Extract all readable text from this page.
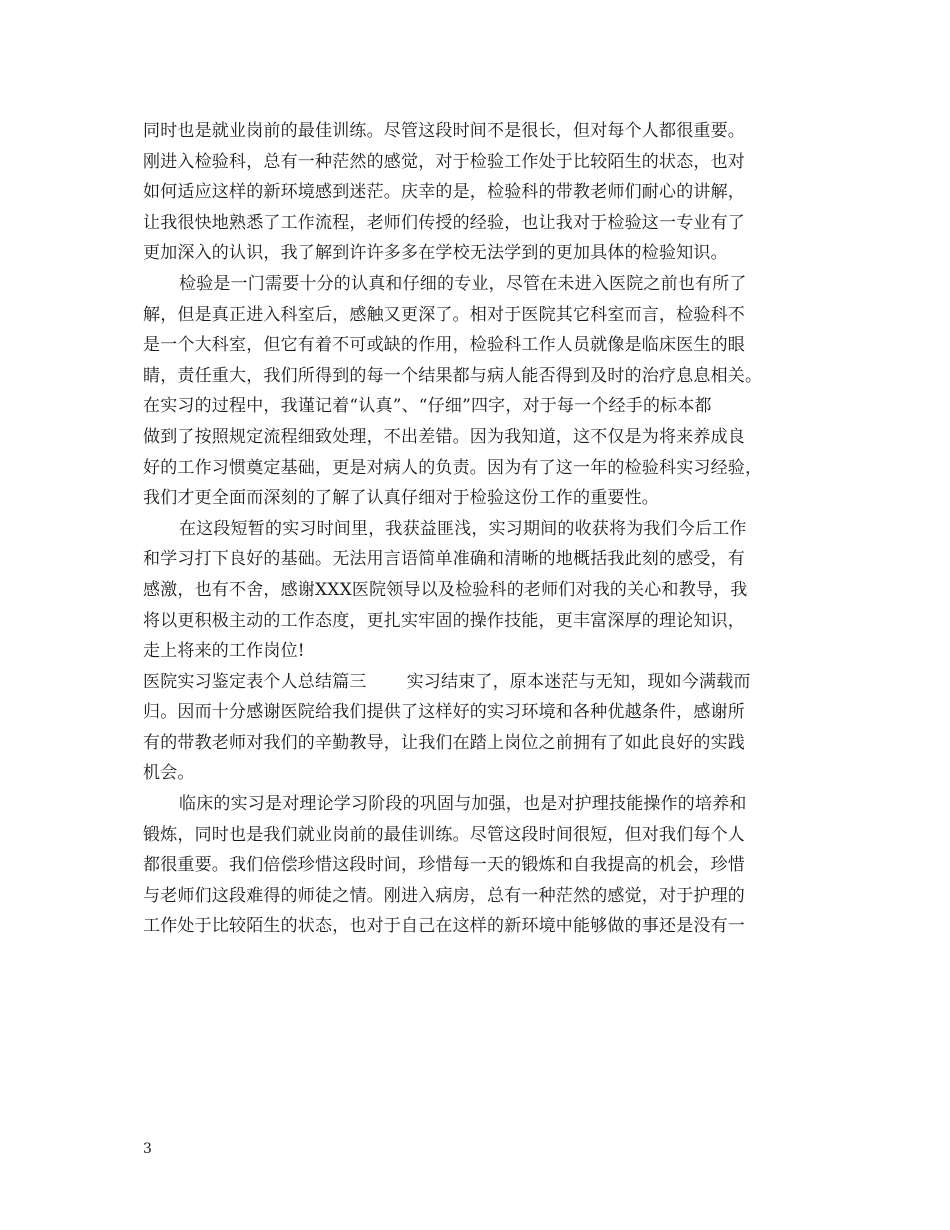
同时也是就业岗前的最佳训练。尽管这段时间不是很长，但对每个人都很重要。
刚进入检验科，总有一种茫然的感觉，对于检验工作处于比较陌生的状态，也对
如何适应这样的新环境感到迷茫。庆幸的是，检验科的带教老师们耐心的讲解，
让我很快地熟悉了工作流程，老师们传授的经验，也让我对于检验这一专业有了
更加深入的认识，我了解到许许多多在学校无法学到的更加具体的检验知识。
检验是一门需要十分的认真和仔细的专业，尽管在未进入医院之前也有所了
解，但是真正进入科室后，感触又更深了。相对于医院其它科室而言，检验科不
是一个大科室，但它有着不可或缺的作用，检验科工作人员就像是临床医生的眼
睛，责任重大，我们所得到的每一个结果都与病人能否得到及时的治疗息息相关。
在实习的过程中，我谨记着“认真”、“仔细”四字，对于每一个经手的标本都
做到了按照规定流程细致处理，不出差错。因为我知道，这不仅是为将来养成良
好的工作习惯奠定基础，更是对病人的负责。因为有了这一年的检验科实习经验，
我们才更全面而深刻的了解了认真仔细对于检验这份工作的重要性。
在这段短暂的实习时间里，我获益匪浅，实习期间的收获将为我们今后工作
和学习打下良好的基础。无法用言语简单准确和清晰的地概括我此刻的感受，有
感激，也有不舍，感谢XXX医院领导以及检验科的老师们对我的关心和教导，我
将以更积极主动的工作态度，更扎实牢固的操作技能，更丰富深厚的理论知识，
走上将来的工作岗位!
医院实习鉴定表个人总结篇三 实习结束了，原本迷茫与无知，现如今满载而
归。因而十分感谢医院给我们提供了这样好的实习环境和各种优越条件，感谢所
有的带教老师对我们的辛勤教导，让我们在踏上岗位之前拥有了如此良好的实践
机会。
临床的实习是对理论学习阶段的巩固与加强，也是对护理技能操作的培养和
锻炼，同时也是我们就业岗前的最佳训练。尽管这段时间很短，但对我们每个人
都很重要。我们倍偿珍惜这段时间，珍惜每一天的锻炼和自我提高的机会，珍惜
与老师们这段难得的师徒之情。刚进入病房，总有一种茫然的感觉，对于护理的
工作处于比较陌生的状态，也对于自己在这样的新环境中能够做的事还是没有一
3
